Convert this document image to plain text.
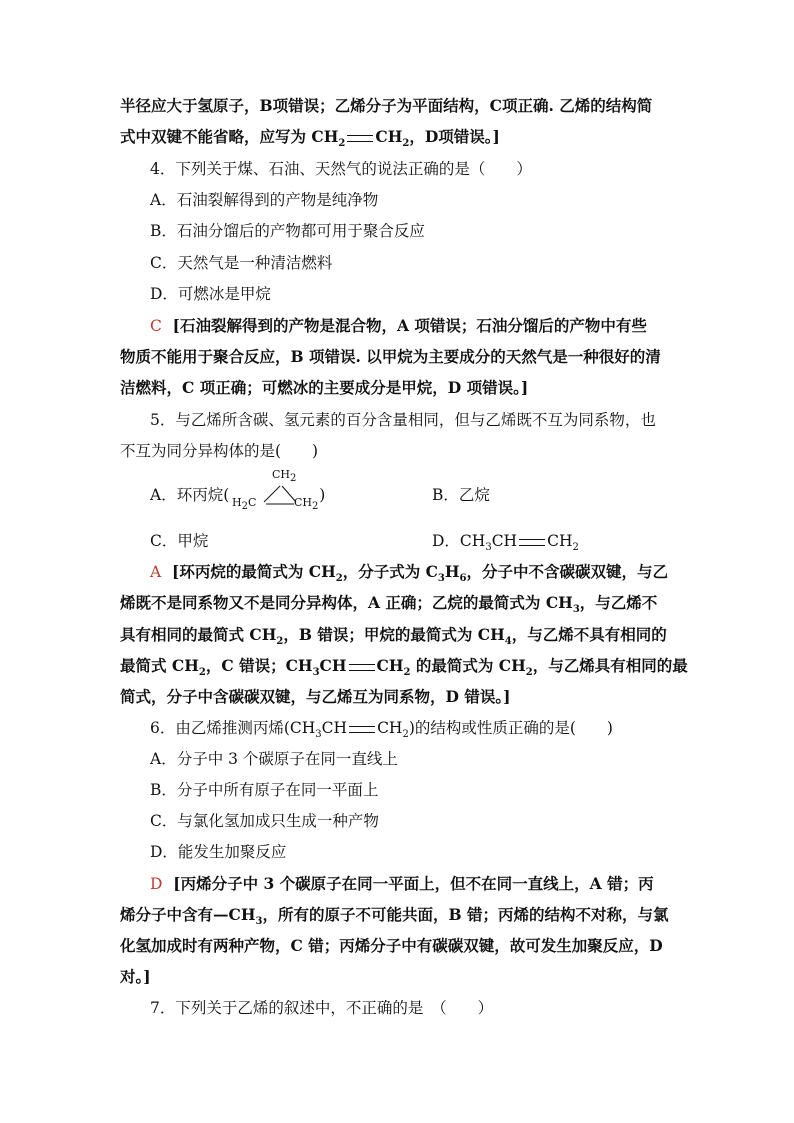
半径应大于氢原子，B项错误；乙烯分子为平面结构，C项正确. 乙烯的结构简
式中双键不能省略，应写为 $CH_2$ $CH_2$，D项错误。]
4．下列关于煤、石油、天然气的说法正确的是（　　）
A．石油裂解得到的产物是纯净物
B．石油分馏后的产物都可用于聚合反应
C．天然气是一种清洁燃料
D．可燃冰是甲烷
C [石油裂解得到的产物是混合物，A 项错误；石油分馏后的产物中有些
物质不能用于聚合反应，B 项错误. 以甲烷为主要成分的天然气是一种很好的清
洁燃料，C 项正确；可燃冰的主要成分是甲烷，D 项错误。]
5．与乙烯所含碳、氢元素的百分含量相同，但与乙烯既不互为同系物，也
不互为同分异构体的是(　　)
A．环丙烷(	)
$CH_2$
$H_2C$	$CH_2$
B．乙烷
C．甲烷	D．$CH_3CH$ $CH_2$
A [环丙烷的最简式为 $CH_2$，分子式为 $C_3H_6$，分子中不含碳碳双键，与乙
烯既不是同系物又不是同分异构体，A 正确；乙烷的最简式为 $CH_3$，与乙烯不
具有相同的最简式 $CH_2$，B 错误；甲烷的最简式为 $CH_4$，与乙烯不具有相同的
最简式 $CH_2$，C 错误；$CH_3CH$ $CH_2$ 的最简式为 $CH_2$，与乙烯具有相同的最
简式，分子中含碳碳双键，与乙烯互为同系物，D 错误。]
6．由乙烯推测丙烯($CH_3CH$ $CH_2$)的结构或性质正确的是(　　)
A．分子中 3 个碳原子在同一直线上
B．分子中所有原子在同一平面上
C．与氯化氢加成只生成一种产物
D．能发生加聚反应
D [丙烯分子中 3 个碳原子在同一平面上，但不在同一直线上，A 错；丙
烯分子中含有$—CH_3$，所有的原子不可能共面，B 错；丙烯的结构不对称，与氯
化氢加成时有两种产物，C 错；丙烯分子中有碳碳双键，故可发生加聚反应，D
对。]
7．下列关于乙烯的叙述中，不正确的是　（　　）
